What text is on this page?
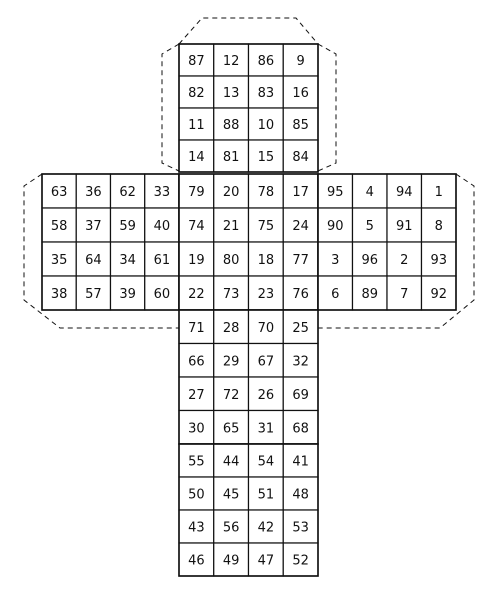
87 12 86 9
82 13 83 16
11 88 10 85
14 81 15 84
63 36 62 33
58 37 59 40
35 64 34 61
38 57 39 60
79 20 78 17
74 21 75 24
19 80 18 77
22 73 23 76
95 4 94 1
90 5 91 8
3 96 2 93
6 89 7 92
71 28 70 25
66 29 67 32
27 72 26 69
30 65 31 68
55 44 54 41
50 45 51 48
43 56 42 53
46 49 47 52
